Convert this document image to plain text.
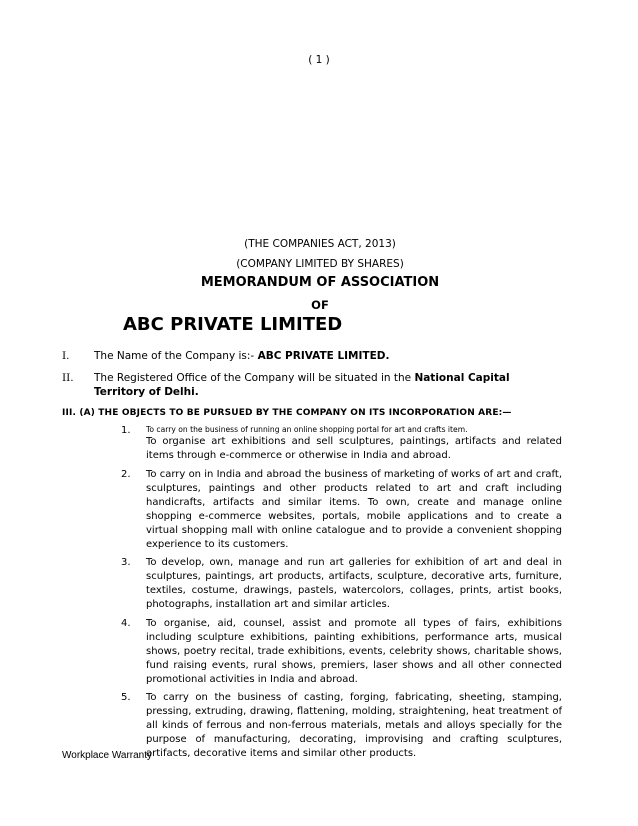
( 1 )
(THE COMPANIES ACT, 2013)
(COMPANY LIMITED BY SHARES)
MEMORANDUM OF ASSOCIATION
OF
ABC PRIVATE LIMITED
I. The Name of the Company is:- ABC PRIVATE LIMITED.
II. The Registered Office of the Company will be situated in the National Capital Territory of Delhi.
III. (A) THE OBJECTS TO BE PURSUED BY THE COMPANY ON ITS INCORPORATION ARE:—
1. To carry on the business of running an online shopping portal for art and crafts item.
To organise art exhibitions and sell sculptures, paintings, artifacts and related items through e-commerce or otherwise in India and abroad.
2. To carry on in India and abroad the business of marketing of works of art and craft, sculptures, paintings and other products related to art and craft including handicrafts, artifacts and similar items. To own, create and manage online shopping e-commerce websites, portals, mobile applications and to create a virtual shopping mall with online catalogue and to provide a convenient shopping experience to its customers.
3. To develop, own, manage and run art galleries for exhibition of art and deal in sculptures, paintings, art products, artifacts, sculpture, decorative arts, furniture, textiles, costume, drawings, pastels, watercolors, collages, prints, artist books, photographs, installation art and similar articles.
4. To organise, aid, counsel, assist and promote all types of fairs, exhibitions including sculpture exhibitions, painting exhibitions, performance arts, musical shows, poetry recital, trade exhibitions, events, celebrity shows, charitable shows, fund raising events, rural shows, premiers, laser shows and all other connected promotional activities in India and abroad.
5. To carry on the business of casting, forging, fabricating, sheeting, stamping, pressing, extruding, drawing, flattening, molding, straightening, heat treatment of all kinds of ferrous and non-ferrous materials, metals and alloys specially for the purpose of manufacturing, decorating, improvising and crafting sculptures, artifacts, decorative items and similar other products.
Workplace Warranty
